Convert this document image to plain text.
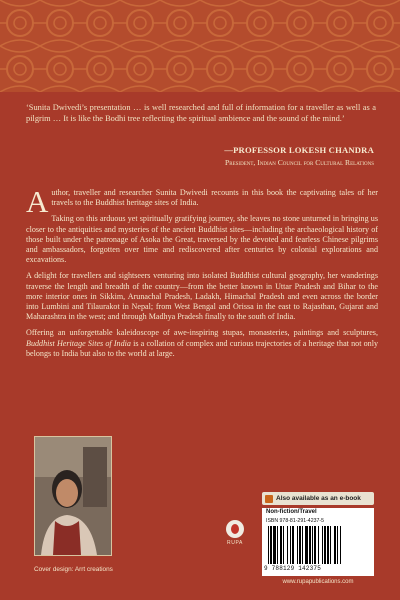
‘Sunita Dwivedi’s presentation … is well researched and full of information for a traveller as well as a pilgrim … It is like the Bodhi tree reflecting the spiritual ambience and the sound of the mind.’
—PROFESSOR LOKESH CHANDRA
President, Indian Council for Cultural Relations

Author, traveller and researcher Sunita Dwivedi recounts in this book the captivating tales of her travels to the Buddhist heritage sites of India.

Taking on this arduous yet spiritually gratifying journey, she leaves no stone unturned in bringing us closer to the antiquities and mysteries of the ancient Buddhist sites—including the archaeological history of those built under the patronage of Asoka the Great, traversed by the devoted and fearless Chinese pilgrims and ambassadors, forgotten over time and rediscovered after centuries by colonial explorations and excavations.

A delight for travellers and sightseers venturing into isolated Buddhist cultural geography, her wanderings traverse the length and breadth of the country—from the better known in Uttar Pradesh and Bihar to the more interior ones in Sikkim, Arunachal Pradesh, Ladakh, Himachal Pradesh and even across the border into Lumbini and Tilaurakot in Nepal; from West Bengal and Orissa in the east to Rajasthan, Gujarat and Maharashtra in the west; and through Madhya Pradesh finally to the south of India.

Offering an unforgettable kaleidoscope of awe-inspiring stupas, monasteries, paintings and sculptures, Buddhist Heritage Sites of India is a collation of complex and curious trajectories of a heritage that not only belongs to India but also to the world at large.

Cover design: Arrt creations
RUPA
Also available as an e-book
Non-fiction/Travel
ISBN 978-81-291-4237-5
9 788129 142375
www.rupapublications.com
